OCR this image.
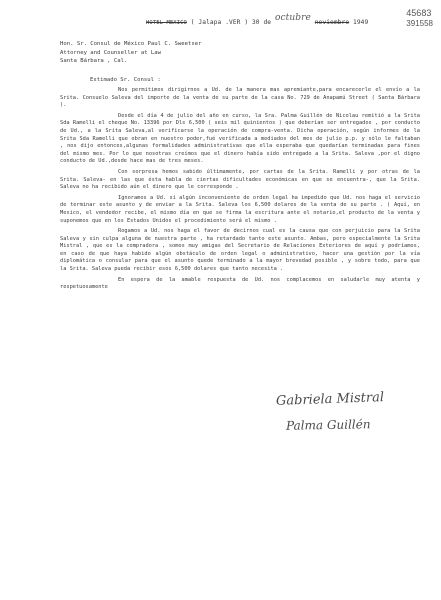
45683
391558
HOTEL MEXICO ( Jalapa .VER ) 30 de octubre noviembre 1949
Hon. Sr. Consul de México Paul C. Sweetser
Attorney and Counseller at Law
Santa Bárbara , Cal.
Estimado Sr. Consul :

Nos permitimos dirigirnos a Ud. de la manera mas apremiante,para encarecerle el envío a la Srita. Consuelo Saleva del importe de la venta de su parte de la casa No. 729 de Anapamú Street ( Santa Bárbara ).

Desde el día 4 de julio del año en curso, la Sra. Palma Guillén de Nicolau remitió a la Srita Sda Ramelli el cheque No. 13396 por Dls 6,500 ( seis mil quinientos ) que deberían ser entregados , por conducto de Ud., a la Srita Saleva,al verificarse la operación de compra-venta. Dicha operación, según informes de la Srita Sda Ramelli que obran en nuestro poder,fué verificada a mediados del mes de julio p.p. y sólo le faltaban , nos dijo entonces,algunas formalidades administrativas que ella esperaba que quedarían terminadas para fines del mismo mes. Por lo que nosotras creímos que el dinero había sido entregado a la Srita. Saleva ,por el digno conducto de Ud.,desde hace mas de tres meses.

Con sorpresa hemos sabido últimamente, por cartas de la Srita. Ramelli y por otras de la Srita. Saleva- en las que ésta habla de ciertas dificultades económicas en que se encuentra-, que la Srita. Saleva no ha recibido aún el dinero que le corresponde .

Ignoramos a Ud. si algún inconveniente de orden legal ha impedido que Ud. nos haga el servicio de terminar este asunto y de enviar a la Srita. Saleva los 6,500 dolares de la venta de su parte . ( Aquí, en Mexico, el vendedor recibe, el mismo día en que se firma la escritura ante el notario,el producto de la venta y suponemos que en los Estados Unidos el procedimiento será el mismo .

Rogamos a Ud. nos haga el favor de decirnos cual es la causa que con perjuicio para la Srita Saleva y sin culpa alguna de nuestra parte , ha retardado tanto este asunto. Ambas, pero especialmente la Srita Mistral , que es la compradora , somos muy amigas del Secretario de Relaciones Exteriores de aquí y podríamos, en caso de que haya habido algún obstáculo de orden legal o administrativo, hacer una gestión por la vía diplomática o consular para que el asunto quede terminado a la mayor brevedad posible , y sobre todo, para que la Srita. Saleva pueda recibir esos 6,500 dolares que tanto necesita .

En espera de la amable respuesta de Ud. nos complacemos en saludarle muy atenta y respetuosamente

Gabriela Mistral
Palma Guillén
